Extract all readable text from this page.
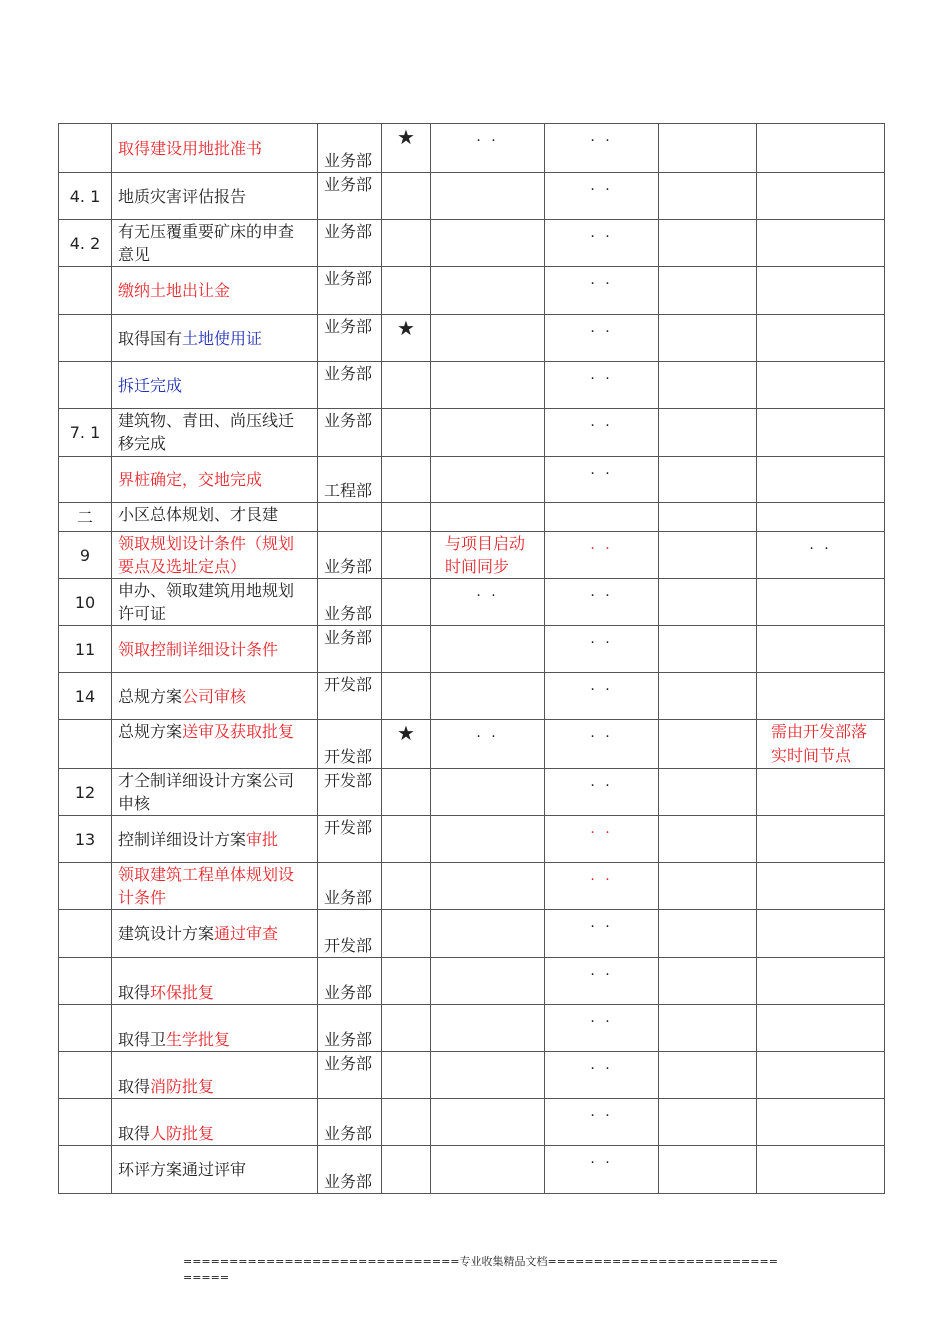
	取得建设用地批准书	业务部	★	· ·	· ·		

4. 1	地质灾害评估报告	业务部			· ·		

4. 2	有无压覆重要矿床的申查意见	业务部			· ·		

	缴纳土地出让金	业务部			· ·		

	取得国有土地使用证	业务部	★		· ·		

	拆迁完成	业务部			· ·		

7. 1	建筑物、青田、尚压线迁移完成	业务部			· ·		

	界桩确定，交地完成	工程部			· ·		

二	小区总体规划、才艮建						
9	领取规划设计条件（规划要点及选址定点）	业务部		与项目启动时间同步	· ·		· ·

10	申办、领取建筑用地规划许可证	业务部		· ·	· ·		

11	领取控制详细设计条件	业务部			· ·		

14	总规方案公司审核	开发部			· ·		

	总规方案送审及获取批复	开发部	★	· ·	· ·		需由开发部落实时间节点

12	才仝制详细设计方案公司申核	开发部			· ·		

13	控制详细设计方案审批	开发部			· ·		

	领取建筑工程单体规划设计条件	业务部			· ·		

	建筑设计方案通过审查	开发部			· ·		

	取得环保批复	业务部			· ·		

	取得卫生学批复	业务部			· ·		

	取得消防批复	业务部			· ·		

	取得人防批复	业务部			· ·		

	环评方案通过评审	业务部			· ·		

==============================专业收集精品文档==============================
